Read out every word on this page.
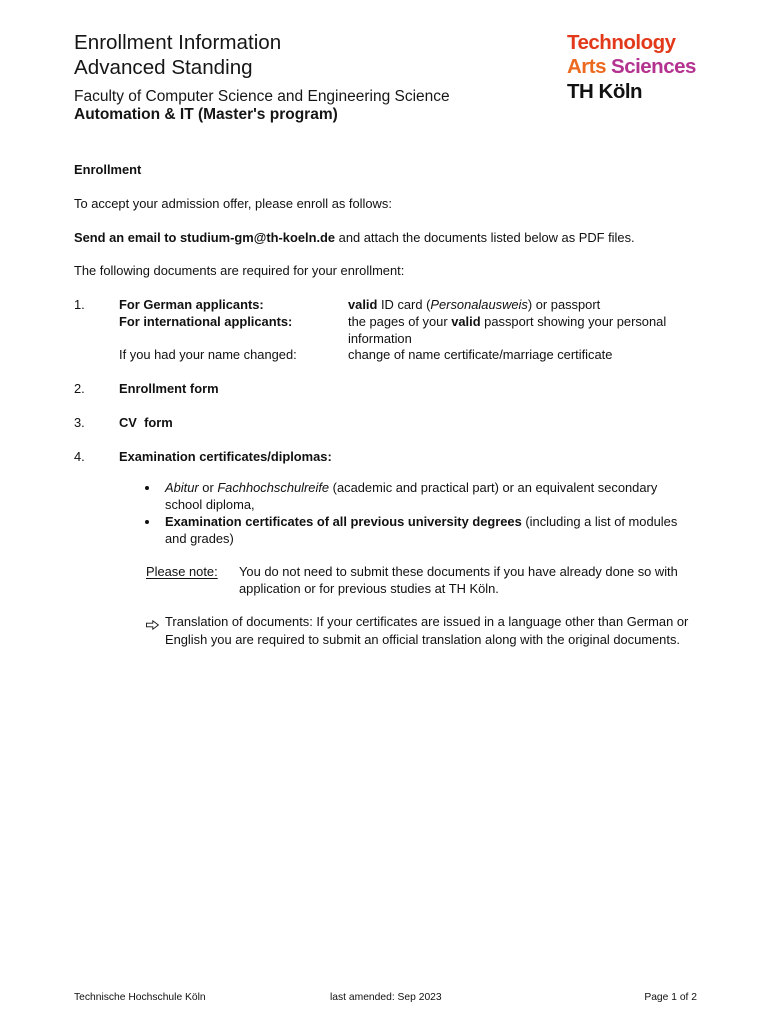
Enrollment Information
Advanced Standing
Faculty of Computer Science and Engineering Science
Automation & IT (Master's program)
Technology
Arts Sciences
TH Köln
Enrollment
To accept your admission offer, please enroll as follows:
Send an email to studium-gm@th-koeln.de and attach the documents listed below as PDF files.
The following documents are required for your enrollment:
1.	For German applicants:	valid ID card (Personalausweis) or passport
For international applicants:	the pages of your valid passport showing your personal
information
If you had your name changed:	change of name certificate/marriage certificate
2.	Enrollment form
3.	CV  form
4.	Examination certificates/diplomas:
Abitur or Fachhochschulreife (academic and practical part) or an equivalent secondary
school diploma,
Examination certificates of all previous university degrees (including a list of modules
and grades)
Please note: You do not need to submit these documents if you have already done so with
application or for previous studies at TH Köln.
Translation of documents: If your certificates are issued in a language other than German or
English you are required to submit an official translation along with the original documents.
Technische Hochschule Köln	last amended: Sep 2023	Page 1 of 2
